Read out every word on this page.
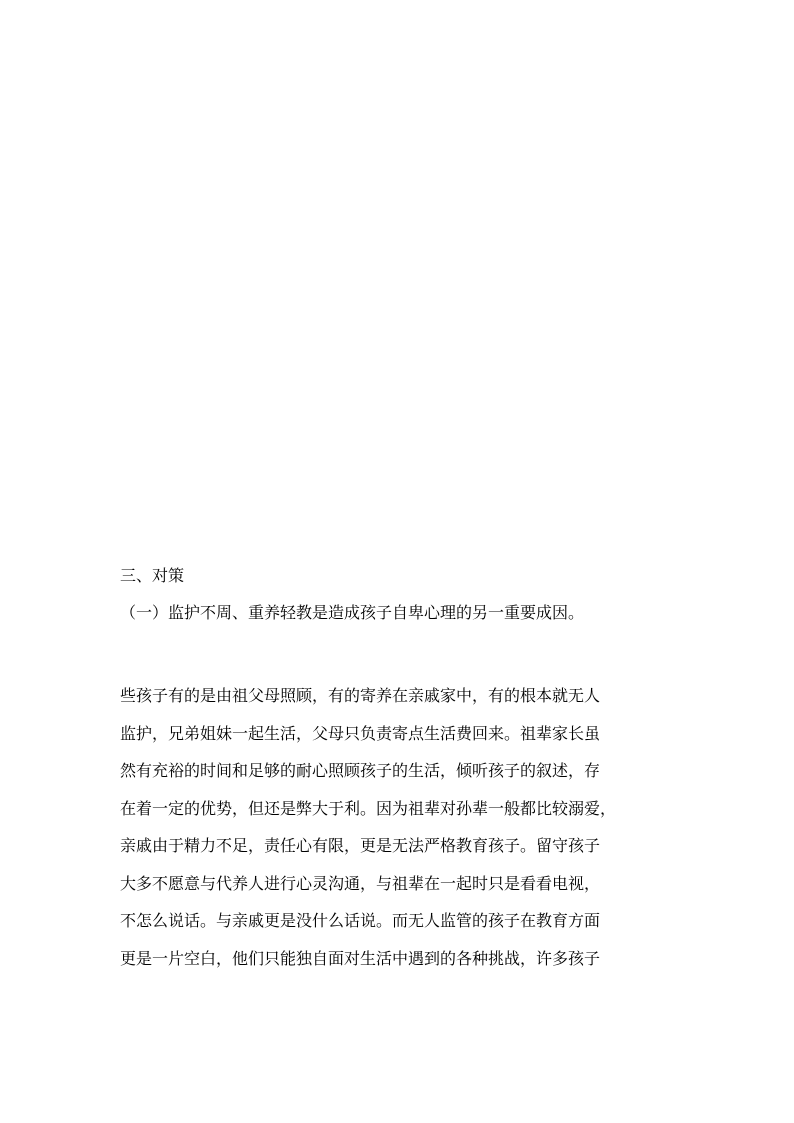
三、对策

（一）监护不周、重养轻教是造成孩子自卑心理的另一重要成因。

些孩子有的是由祖父母照顾，有的寄养在亲戚家中，有的根本就无人
监护，兄弟姐妹一起生活，父母只负责寄点生活费回来。祖辈家长虽
然有充裕的时间和足够的耐心照顾孩子的生活，倾听孩子的叙述，存
在着一定的优势，但还是弊大于利。因为祖辈对孙辈一般都比较溺爱，
亲戚由于精力不足，责任心有限，更是无法严格教育孩子。留守孩子
大多不愿意与代养人进行心灵沟通，与祖辈在一起时只是看看电视，
不怎么说话。与亲戚更是没什么话说。而无人监管的孩子在教育方面
更是一片空白，他们只能独自面对生活中遇到的各种挑战，许多孩子
